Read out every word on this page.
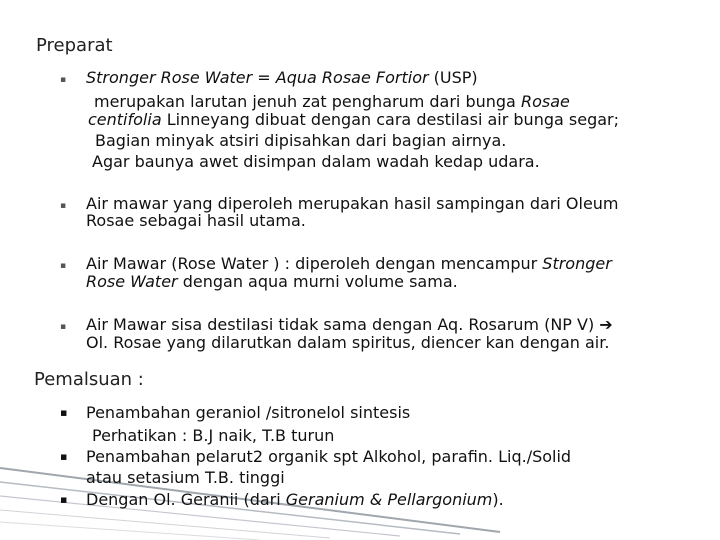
Preparat
▪ Stronger Rose Water = Aqua Rosae Fortior (USP)
merupakan larutan jenuh zat pengharum dari bunga Rosae
centifolia Linneyang dibuat dengan cara destilasi air bunga segar;
Bagian minyak atsiri dipisahkan dari bagian airnya.
Agar baunya awet disimpan dalam wadah kedap udara.
▪ Air mawar yang diperoleh merupakan hasil sampingan dari Oleum
Rosae sebagai hasil utama.
▪ Air Mawar (Rose Water ) : diperoleh dengan mencampur Stronger
Rose Water dengan aqua murni volume sama.
▪ Air Mawar sisa destilasi tidak sama dengan Aq. Rosarum (NP V) ➔
Ol. Rosae yang dilarutkan dalam spiritus, diencer kan dengan air.
Pemalsuan :
▪ Penambahan geraniol /sitronelol sintesis
Perhatikan : B.J naik, T.B turun
▪ Penambahan pelarut2 organik spt Alkohol, parafin. Liq./Solid
atau setasium T.B. tinggi
▪ Dengan Ol. Geranii (dari Geranium & Pellargonium).
